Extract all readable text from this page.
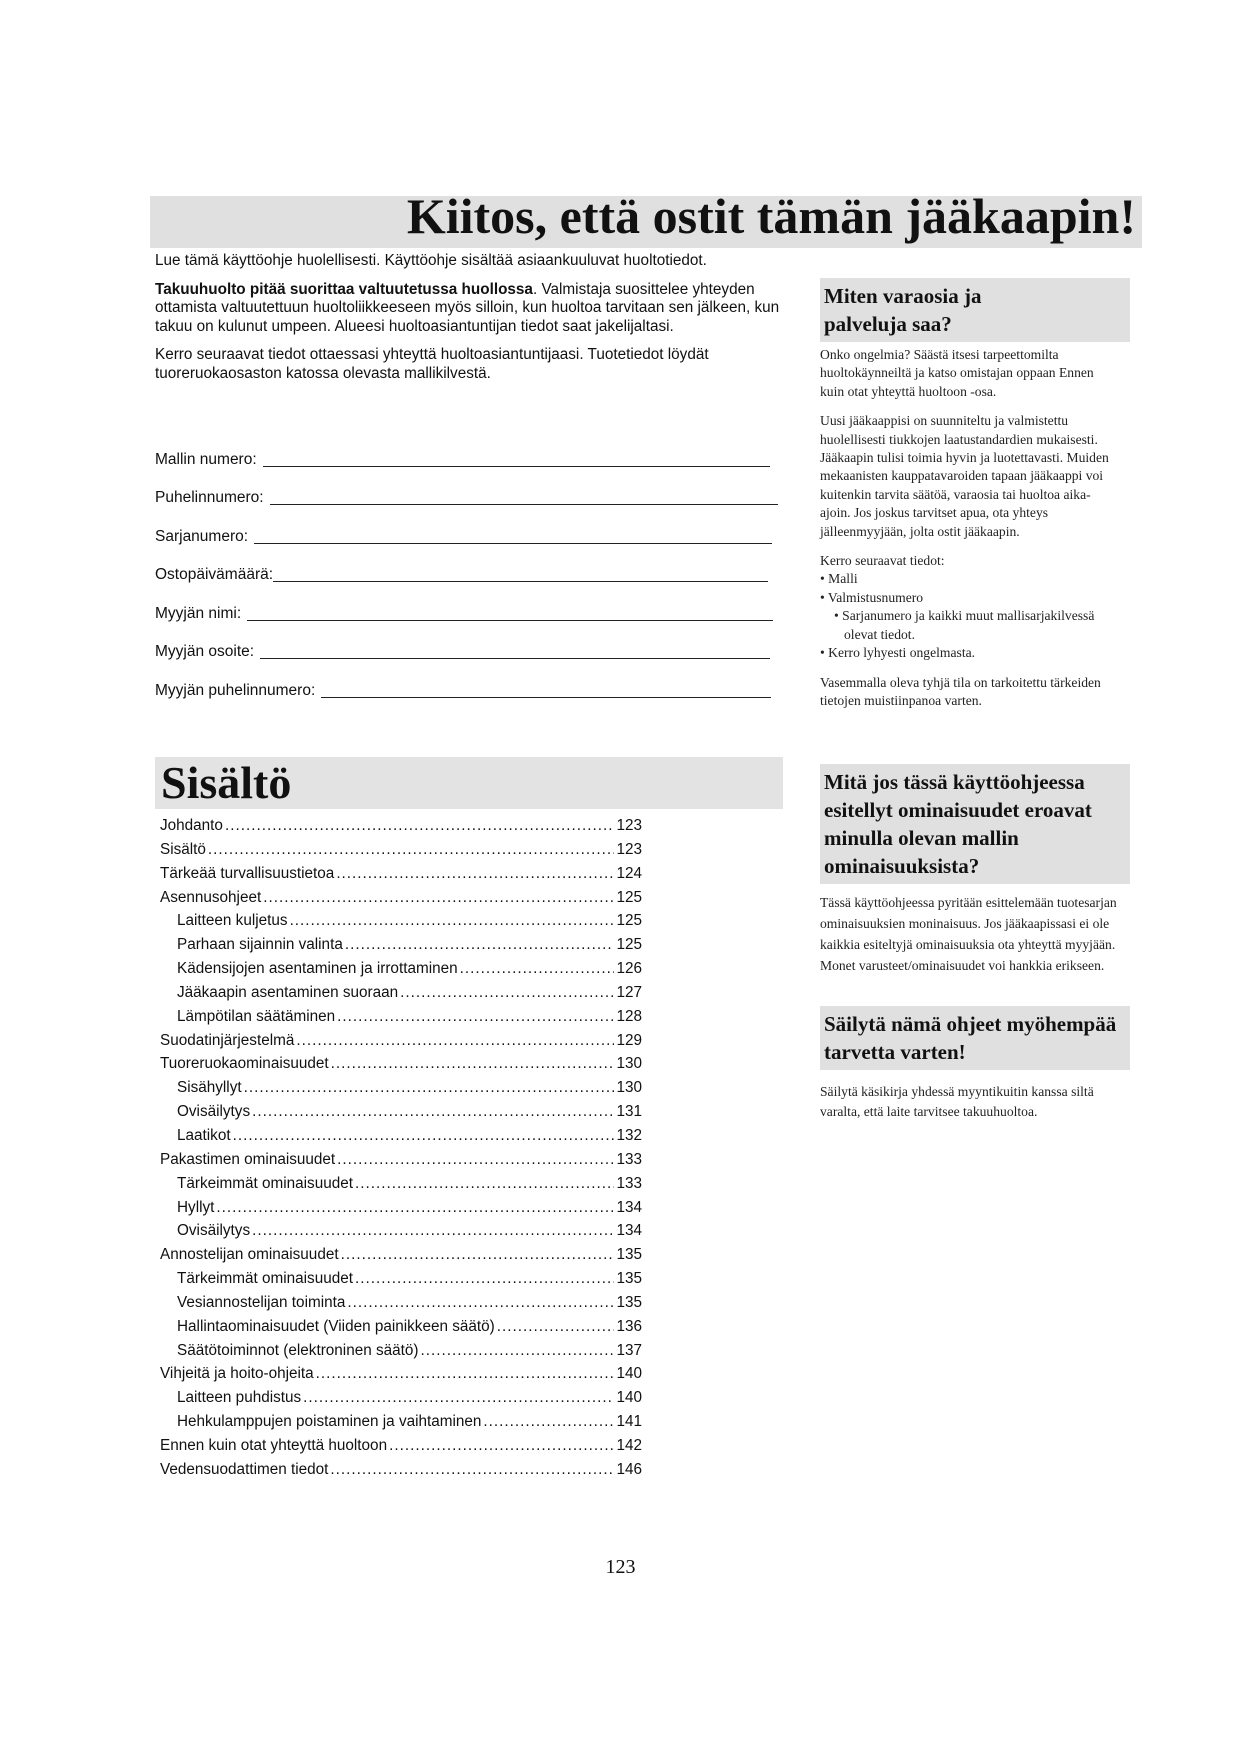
Kiitos, että ostit tämän jääkaapin!

Lue tämä käyttöohje huolellisesti. Käyttöohje sisältää asiaankuuluvat huoltotiedot.

Takuuhuolto pitää suorittaa valtuutetussa huollossa. Valmistaja suosittelee yhteyden ottamista valtuutettuun huoltoliikkeeseen myös silloin, kun huoltoa tarvitaan sen jälkeen, kun takuu on kulunut umpeen. Alueesi huoltoasiantuntijan tiedot saat jakelijaltasi.

Kerro seuraavat tiedot ottaessasi yhteyttä huoltoasiantuntijaasi. Tuotetiedot löydät tuoreruokaosaston katossa olevasta mallikilvestä.

Mallin numero:
Puhelinnumero:
Sarjanumero:
Ostopäivämäärä:
Myyjän nimi:
Myyjän osoite:
Myyjän puhelinnumero:
Sisältö
Johdanto .....	123
Sisältö .....	123
Tärkeää turvallisuustietoa .....	124
Asennusohjeet .....	125
Laitteen kuljetus .....	125
Parhaan sijainnin valinta .....	125
Kädensijojen asentaminen ja irrottaminen .....	126
Jääkaapin asentaminen suoraan .....	127
Lämpötilan säätäminen .....	128
Suodatinjärjestelmä .....	129
Tuoreruokaominaisuudet .....	130
Sisähyllyt .....	130
Ovisäilytys .....	131
Laatikot .....	132
Pakastimen ominaisuudet .....	133
Tärkeimmät ominaisuudet .....	133
Hyllyt .....	134
Ovisäilytys .....	134
Annostelijan ominaisuudet .....	135
Tärkeimmät ominaisuudet .....	135
Vesiannostelijan toiminta .....	135
Hallintaominaisuudet (Viiden painikkeen säätö) .....	136
Säätötoiminnot (elektroninen säätö) .....	137
Vihjeitä ja hoito-ohjeita .....	140
Laitteen puhdistus .....	140
Hehkulamppujen poistaminen ja vaihtaminen .....	141
Ennen kuin otat yhteyttä huoltoon .....	142
Vedensuodattimen tiedot .....	146
Miten varaosia ja palveluja saa?

Onko ongelmia? Säästä itsesi tarpeettomilta huoltokäynneiltä ja katso omistajan oppaan Ennen kuin otat yhteyttä huoltoon -osa.

Uusi jääkaappisi on suunniteltu ja valmistettu huolellisesti tiukkojen laatustandardien mukaisesti. Jääkaapin tulisi toimia hyvin ja luotettavasti. Muiden mekaanisten kauppatavaroiden tapaan jääkaappi voi kuitenkin tarvita säätöä, varaosia tai huoltoa aika-ajoin. Jos joskus tarvitset apua, ota yhteys jälleenmyyjään, jolta ostit jääkaapin.

Kerro seuraavat tiedot:

• Malli
• Valmistusnumero
• Sarjanumero ja kaikki muut mallisarjakilvessä olevat tiedot.
• Kerro lyhyesti ongelmasta.

Vasemmalla oleva tyhjä tila on tarkoitettu tärkeiden tietojen muistiinpanoa varten.

Mitä jos tässä käyttöohjeessa esitellyt ominaisuudet eroavat minulla olevan mallin ominaisuuksista?

Tässä käyttöohjeessa pyritään esittelemään tuotesarjan ominaisuuksien moninaisuus. Jos jääkaapissasi ei ole kaikkia esiteltyjä ominaisuuksia ota yhteyttä myyjään. Monet varusteet/ominaisuudet voi hankkia erikseen.

Säilytä nämä ohjeet myöhempää tarvetta varten!

Säilytä käsikirja yhdessä myyntikuitin kanssa siltä varalta, että laite tarvitsee takuuhuoltoa.

123
